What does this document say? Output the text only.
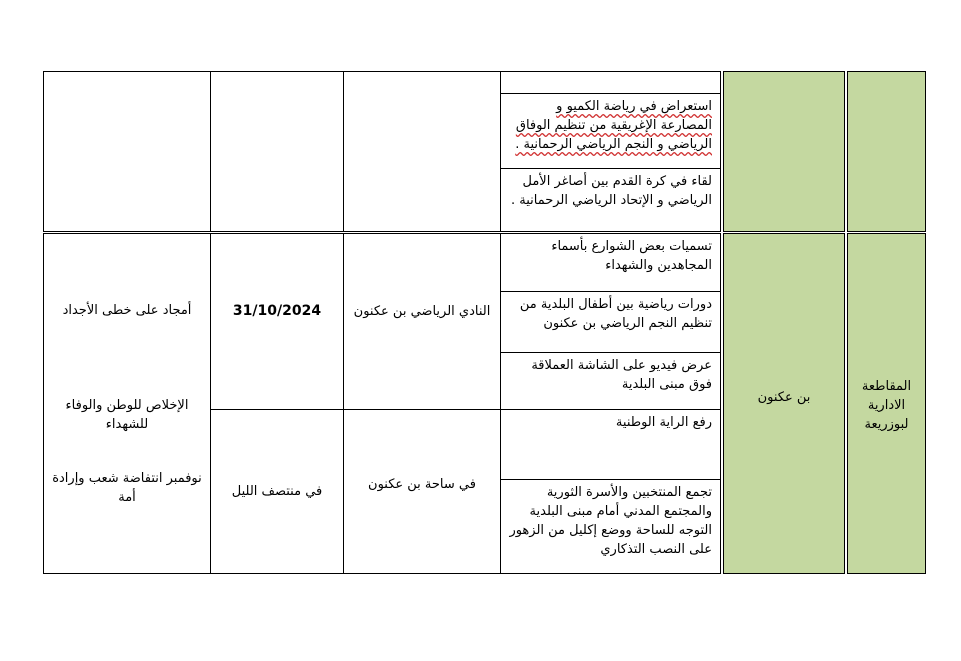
استعراض في رياضة الكميو و المصارعة الإغريقية من تنظيم الوفاق الرياضي و النجم الرياضي الرحمانية .
لقاء في كرة القدم بين أصاغر الأمل الرياضي و الإتحاد الرياضي الرحمانية .
تسميات بعض الشوارع بأسماء المجاهدين والشهداء
دورات رياضية بين أطفال البلدية من تنظيم النجم الرياضي بن عكنون
عرض فيديو على الشاشة العملاقة فوق مبنى البلدية
رفع الراية الوطنية
تجمع المنتخبين والأسرة الثورية والمجتمع المدني أمام مبنى البلدية التوجه للساحة ووضع إكليل من الزهور على النصب التذكاري
أمجاد على خطى الأجداد
الإخلاص للوطن والوفاء للشهداء
نوفمبر انتفاضة شعب وإرادة أمة
31/10/2024
في منتصف الليل
النادي الرياضي بن عكنون
في ساحة بن عكنون
بن عكنون
المقاطعة الادارية لبوزريعة
